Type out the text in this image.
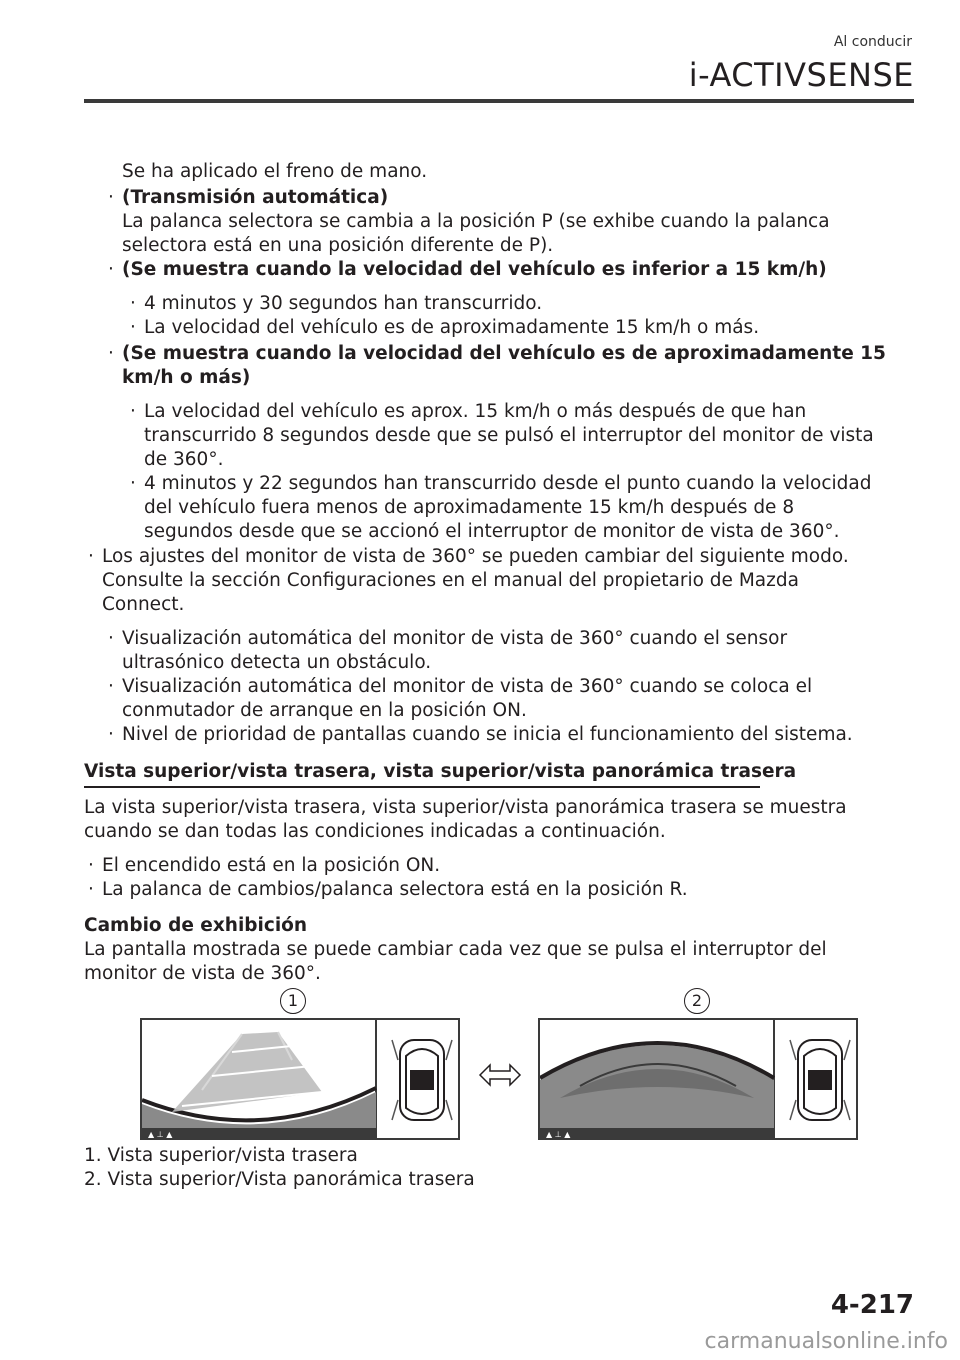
Al conducir
i-ACTIVSENSE
Se ha aplicado el freno de mano.
· (Transmisión automática)
La palanca selectora se cambia a la posición P (se exhibe cuando la palanca
selectora está en una posición diferente de P).
· (Se muestra cuando la velocidad del vehículo es inferior a 15 km/h)
· 4 minutos y 30 segundos han transcurrido.
· La velocidad del vehículo es de aproximadamente 15 km/h o más.
· (Se muestra cuando la velocidad del vehículo es de aproximadamente 15
km/h o más)
· La velocidad del vehículo es aprox. 15 km/h o más después de que han
transcurrido 8 segundos desde que se pulsó el interruptor del monitor de vista
de 360°.
· 4 minutos y 22 segundos han transcurrido desde el punto cuando la velocidad
del vehículo fuera menos de aproximadamente 15 km/h después de 8
segundos desde que se accionó el interruptor de monitor de vista de 360°.
· Los ajustes del monitor de vista de 360° se pueden cambiar del siguiente modo.
Consulte la sección Configuraciones en el manual del propietario de Mazda
Connect.
· Visualización automática del monitor de vista de 360° cuando el sensor
ultrasónico detecta un obstáculo.
· Visualización automática del monitor de vista de 360° cuando se coloca el
conmutador de arranque en la posición ON.
· Nivel de prioridad de pantallas cuando se inicia el funcionamiento del sistema.
Vista superior/vista trasera, vista superior/vista panorámica trasera
La vista superior/vista trasera, vista superior/vista panorámica trasera se muestra
cuando se dan todas las condiciones indicadas a continuación.
· El encendido está en la posición ON.
· La palanca de cambios/palanca selectora está en la posición R.
Cambio de exhibición
La pantalla mostrada se puede cambiar cada vez que se pulsa el interruptor del
monitor de vista de 360°.
1	2
▲ ⊥ ▲	▲ ⊥ ▲
1. Vista superior/vista trasera
2. Vista superior/Vista panorámica trasera
4-217
carmanualsonline.info
